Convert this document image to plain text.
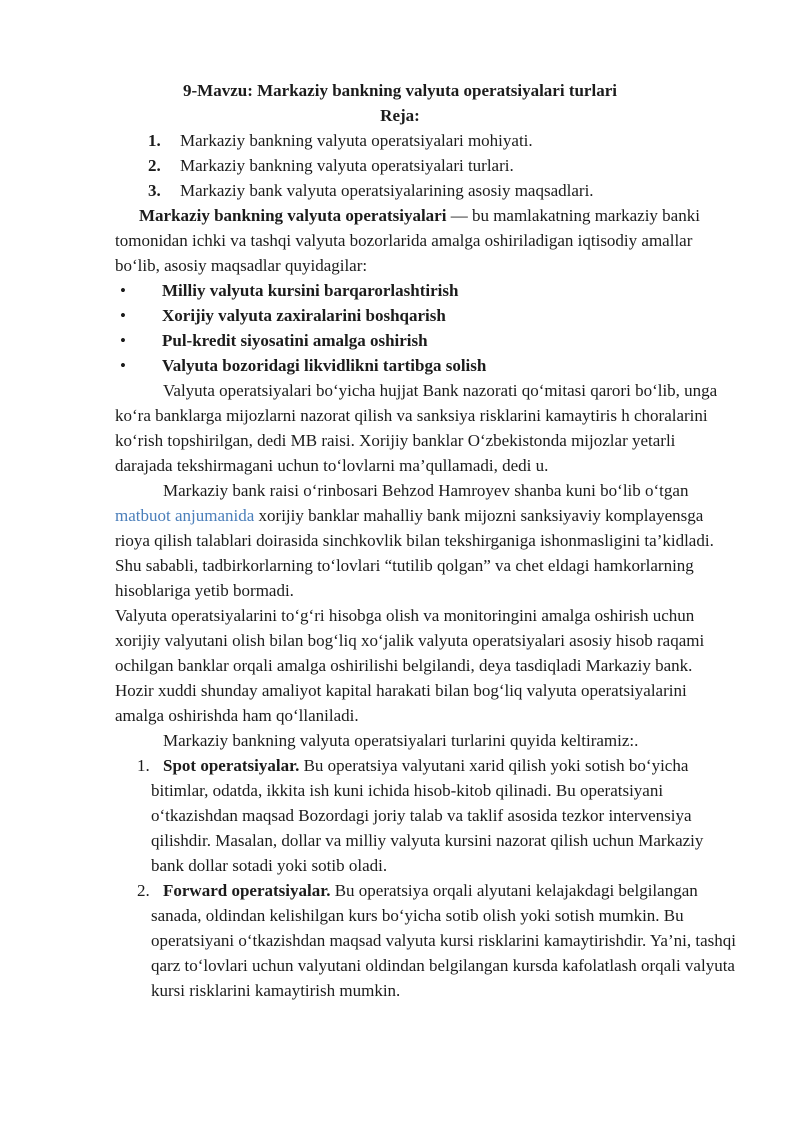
9-Mavzu: Markaziy bankning valyuta operatsiyalari turlari
Reja:
1. Markaziy bankning valyuta operatsiyalari mohiyati.
2. Markaziy bankning valyuta operatsiyalari turlari.
3. Markaziy bank valyuta operatsiyalarining asosiy maqsadlari.
Markaziy bankning valyuta operatsiyalari — bu mamlakatning markaziy banki tomonidan ichki va tashqi valyuta bozorlarida amalga oshiriladigan iqtisodiy amallar bo‘lib, asosiy maqsadlar quyidagilar:
• Milliy valyuta kursini barqarorlashtirish
• Xorijiy valyuta zaxiralarini boshqarish
• Pul-kredit siyosatini amalga oshirish
• Valyuta bozoridagi likvidlikni tartibga solish
Valyuta operatsiyalari bo‘yicha hujjat Bank nazorati qo‘mitasi qarori bo‘lib, unga ko‘ra banklarga mijozlarni nazorat qilish va sanksiya risklarini kamaytiris h choralarini ko‘rish topshirilgan, dedi MB raisi. Xorijiy banklar O‘zbekistonda mijozlar yetarli darajada tekshirmagani uchun to‘lovlarni ma’qullamadi, dedi u.
Markaziy bank raisi o‘rinbosari Behzod Hamroyev shanba kuni bo‘lib o‘tgan matbuot anjumanida xorijiy banklar mahalliy bank mijozni sanksiyaviy komplayensga rioya qilish talablari doirasida sinchkovlik bilan tekshirganiga ishonmasligini ta’kidladi. Shu sababli, tadbirkorlarning to‘lovlari “tutilib qolgan” va chet eldagi hamkorlarning hisoblariga yetib bormadi.
Valyuta operatsiyalarini to‘g‘ri hisobga olish va monitoringini amalga oshirish uchun xorijiy valyutani olish bilan bog‘liq xo‘jalik valyuta operatsiyalari asosiy hisob raqami ochilgan banklar orqali amalga oshirilishi belgilandi, deya tasdiqladi Markaziy bank.
Hozir xuddi shunday amaliyot kapital harakati bilan bog‘liq valyuta operatsiyalarini amalga oshirishda ham qo‘llaniladi.
Markaziy bankning valyuta operatsiyalari turlarini quyida keltiramiz:.
1. Spot operatsiyalar. Bu operatsiya valyutani xarid qilish yoki sotish bo‘yicha bitimlar, odatda, ikkita ish kuni ichida hisob-kitob qilinadi. Bu operatsiyani o‘tkazishdan maqsad Bozordagi joriy talab va taklif asosida tezkor intervensiya qilishdir. Masalan, dollar va milliy valyuta kursini nazorat qilish uchun Markaziy bank dollar sotadi yoki sotib oladi.
2. Forward operatsiyalar. Bu operatsiya orqali alyutani kelajakdagi belgilangan sanada, oldindan kelishilgan kurs bo‘yicha sotib olish yoki sotish mumkin. Bu operatsiyani o‘tkazishdan maqsad valyuta kursi risklarini kamaytirishdir. Ya’ni, tashqi qarz to‘lovlari uchun valyutani oldindan belgilangan kursda kafolatlash orqali valyuta kursi risklarini kamaytirish mumkin.
